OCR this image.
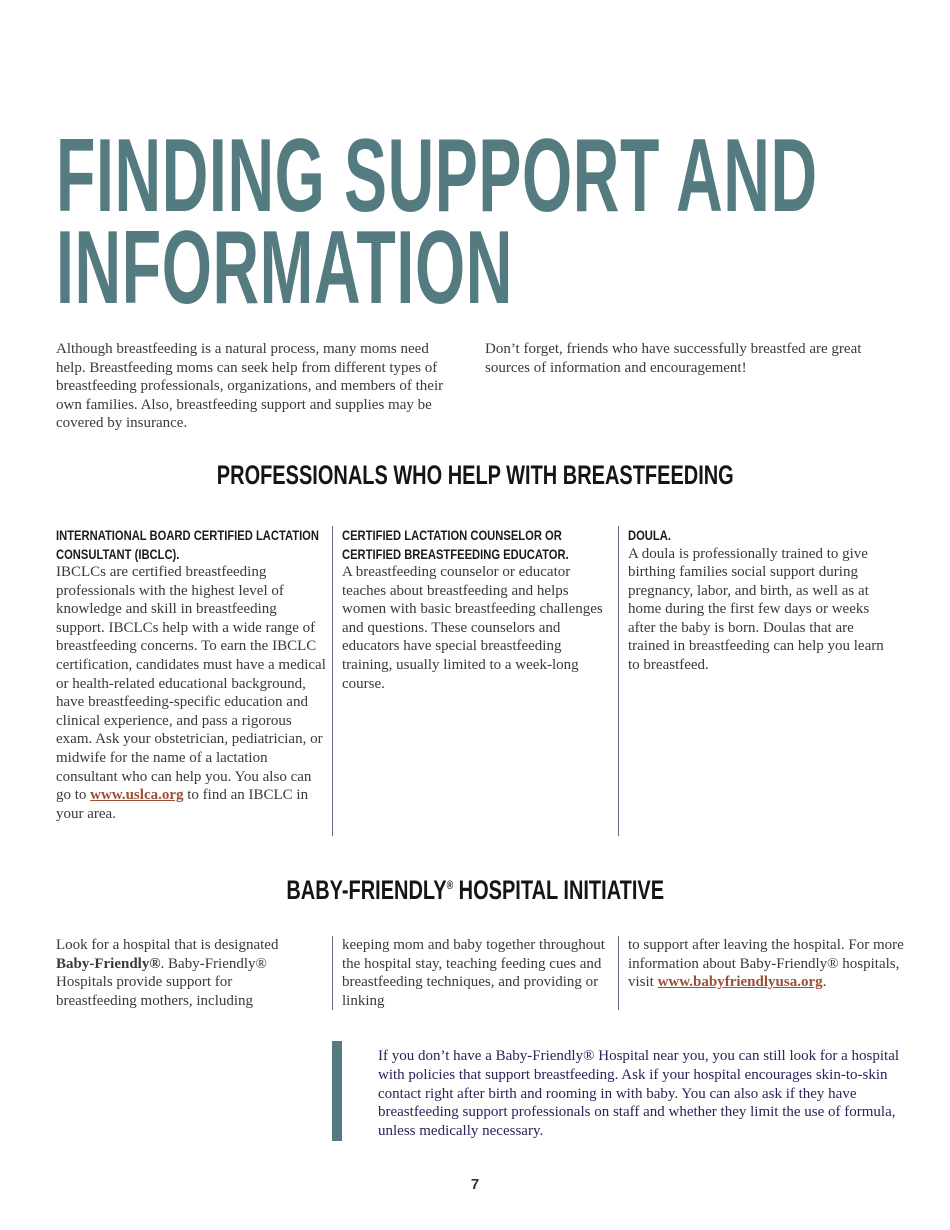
FINDING SUPPORT AND
INFORMATION

Although breastfeeding is a natural process, many moms need help. Breastfeeding moms can seek help from different types of breastfeeding professionals, organizations, and members of their own families. Also, breastfeeding support and supplies may be covered by insurance.

Don’t forget, friends who have successfully breastfed are great sources of information and encouragement!

PROFESSIONALS WHO HELP WITH BREASTFEEDING
INTERNATIONAL BOARD CERTIFIED LACTATION CONSULTANT (IBCLC).
IBCLCs are certified breastfeeding professionals with the highest level of knowledge and skill in breastfeeding support. IBCLCs help with a wide range of breastfeeding concerns. To earn the IBCLC certification, candidates must have a medical or health-related educational background, have breastfeeding-specific education and clinical experience, and pass a rigorous exam. Ask your obstetrician, pediatrician, or midwife for the name of a lactation consultant who can help you. You also can go to www.uslca.org to find an IBCLC in your area.
CERTIFIED LACTATION COUNSELOR OR CERTIFIED BREASTFEEDING EDUCATOR.
A breastfeeding counselor or educator teaches about breastfeeding and helps women with basic breastfeeding challenges and questions. These counselors and educators have special breastfeeding training, usually limited to a week-long course.
DOULA.
A doula is professionally trained to give birthing families social support during pregnancy, labor, and birth, as well as at home during the first few days or weeks after the baby is born. Doulas that are trained in breastfeeding can help you learn to breastfeed.
BABY-FRIENDLY® HOSPITAL INITIATIVE
Look for a hospital that is designated Baby-Friendly®. Baby-Friendly® Hospitals provide support for breastfeeding mothers, including
keeping mom and baby together throughout the hospital stay, teaching feeding cues and breastfeeding techniques, and providing or linking
to support after leaving the hospital. For more information about Baby-Friendly® hospitals, visit www.babyfriendlyusa.org.
If you don’t have a Baby-Friendly® Hospital near you, you can still look for a hospital with policies that support breastfeeding. Ask if your hospital encourages skin-to-skin contact right after birth and rooming in with baby. You can also ask if they have breastfeeding support professionals on staff and whether they limit the use of formula, unless medically necessary.
7
